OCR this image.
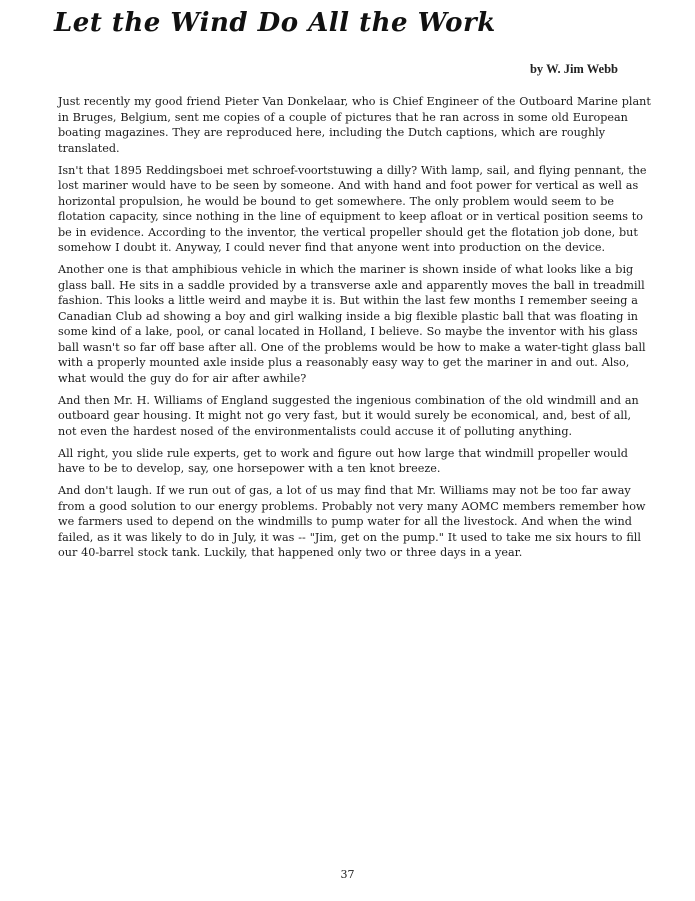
Let the Wind Do All the Work
by W. Jim Webb

Just recently my good friend Pieter Van Donkelaar, who is Chief Engineer of the Outboard Marine plant in Bruges, Belgium, sent me copies of a couple of pictures that he ran across in some old European boating magazines. They are reproduced here, including the Dutch captions, which are roughly translated.

Isn't that 1895 Reddingsboei met schroef-voortstuwing a dilly? With lamp, sail, and flying pennant, the lost mariner would have to be seen by someone. And with hand and foot power for vertical as well as horizontal propulsion, he would be bound to get somewhere. The only problem would seem to be flotation capacity, since nothing in the line of equipment to keep afloat or in vertical position seems to be in evidence. According to the inventor, the vertical propeller should get the flotation job done, but somehow I doubt it. Anyway, I could never find that anyone went into production on the device.

Another one is that amphibious vehicle in which the mariner is shown inside of what looks like a big glass ball. He sits in a saddle provided by a transverse axle and apparently moves the ball in treadmill fashion. This looks a little weird and maybe it is. But within the last few months I remember seeing a Canadian Club ad showing a boy and girl walking inside a big flexible plastic ball that was floating in some kind of a lake, pool, or canal located in Holland, I believe. So maybe the inventor with his glass ball wasn't so far off base after all. One of the problems would be how to make a water-tight glass ball with a properly mounted axle inside plus a reasonably easy way to get the mariner in and out. Also, what would the guy do for air after awhile?

And then Mr. H. Williams of England suggested the ingenious combination of the old windmill and an outboard gear housing. It might not go very fast, but it would surely be economical, and, best of all, not even the hardest nosed of the environmentalists could accuse it of polluting anything.

All right, you slide rule experts, get to work and figure out how large that windmill propeller would have to be to develop, say, one horsepower with a ten knot breeze.

And don't laugh. If we run out of gas, a lot of us may find that Mr. Williams may not be too far away from a good solution to our energy problems. Probably not very many AOMC members remember how we farmers used to depend on the windmills to pump water for all the livestock. And when the wind failed, as it was likely to do in July, it was -- "Jim, get on the pump." It used to take me six hours to fill our 40-barrel stock tank. Luckily, that happened only two or three days in a year.

37
